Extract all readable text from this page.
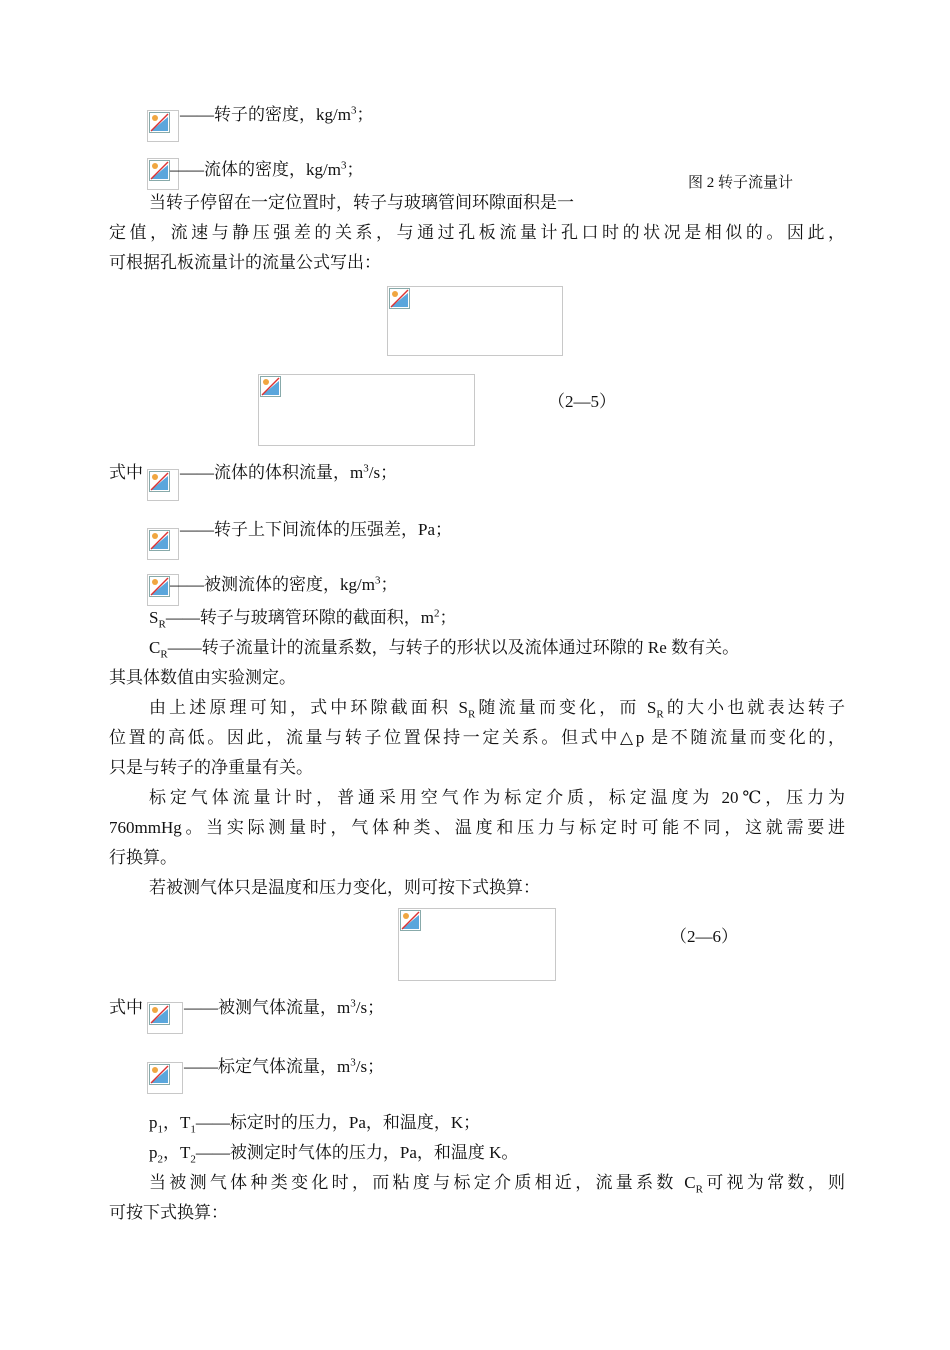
——转子的密度，$kg/m^3$；
——流体的密度，$kg/m^3$；
图 2 转子流量计
当转子停留在一定位置时，转子与玻璃管间环隙面积是一
定值，流速与静压强差的关系，与通过孔板流量计孔口时的状况是相似的。因此，
可根据孔板流量计的流量公式写出：
（2—5）
式中 ——流体的体积流量，$m^3/s$；
——转子上下间流体的压强差，Pa；
——被测流体的密度，$kg/m^3$；
$S_R——$转子与玻璃管环隙的截面积，$m^2$；
$C_R——$转子流量计的流量系数，与转子的形状以及流体通过环隙的 Re 数有关。
其具体数值由实验测定。
由上述原理可知，式中环隙截面积 $S_R$随流量而变化，而 $S_R$的大小也就表达转子
位置的高低。因此，流量与转子位置保持一定关系。但式中△p 是不随流量而变化的，
只是与转子的净重量有关。
标定气体流量计时，普通采用空气作为标定介质，标定温度为 20℃，压力为
760mmHg。当实际测量时，气体种类、温度和压力与标定时可能不同，这就需要进
行换算。
若被测气体只是温度和压力变化，则可按下式换算：
（2—6）
式中 ——被测气体流量，$m^3/s$；
——标定气体流量，$m^3/s$；
$p_1$，$T_1——$标定时的压力，Pa，和温度，K；
$p_2$，$T_2——$被测定时气体的压力，Pa，和温度 K。
当被测气体种类变化时，而粘度与标定介质相近，流量系数 $C_R$可视为常数，则
可按下式换算：
